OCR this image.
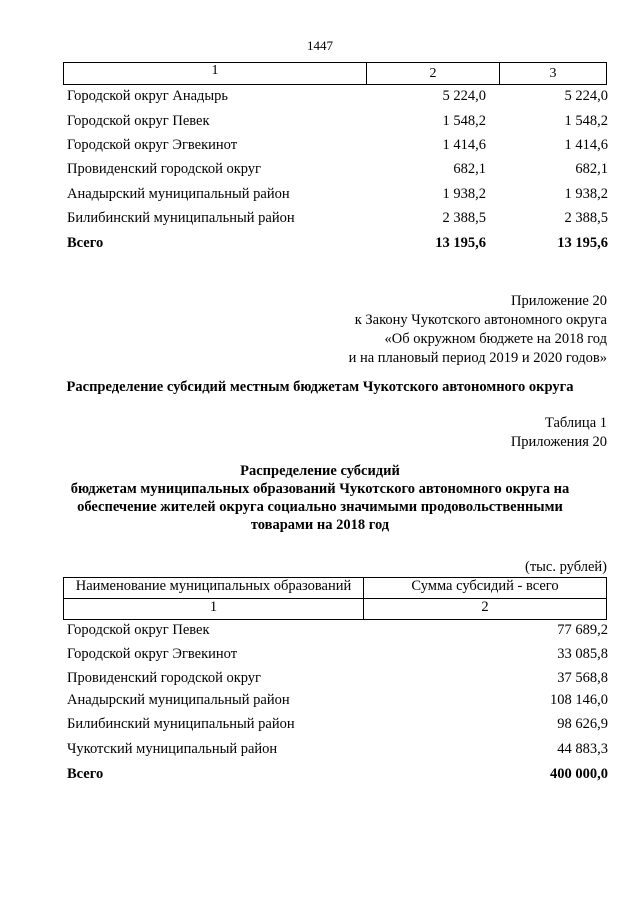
1447
1	2	3
Городской округ Анадырь	5 224,0	5 224,0
Городской округ Певек	1 548,2	1 548,2
Городской округ Эгвекинот	1 414,6	1 414,6
Провиденский городской округ	682,1	682,1
Анадырский муниципальный район	1 938,2	1 938,2
Билибинский муниципальный район	2 388,5	2 388,5
Всего	13 195,6	13 195,6
Приложение 20
к Закону Чукотского автономного округа
«Об окружном бюджете на 2018 год
и на плановый период 2019 и 2020 годов»
Распределение субсидий местным бюджетам Чукотского автономного округа
Таблица 1
Приложения 20
Распределение субсидий
бюджетам муниципальных образований Чукотского автономного округа на
обеспечение жителей округа социально значимыми продовольственными
товарами на 2018 год
(тыс. рублей)
Наименование муниципальных образований	Сумма субсидий - всего
1	2
Городской округ Певек	77 689,2
Городской округ Эгвекинот	33 085,8
Провиденский городской округ	37 568,8
Анадырский муниципальный район	108 146,0
Билибинский муниципальный район	98 626,9
Чукотский муниципальный район	44 883,3
Всего	400 000,0
